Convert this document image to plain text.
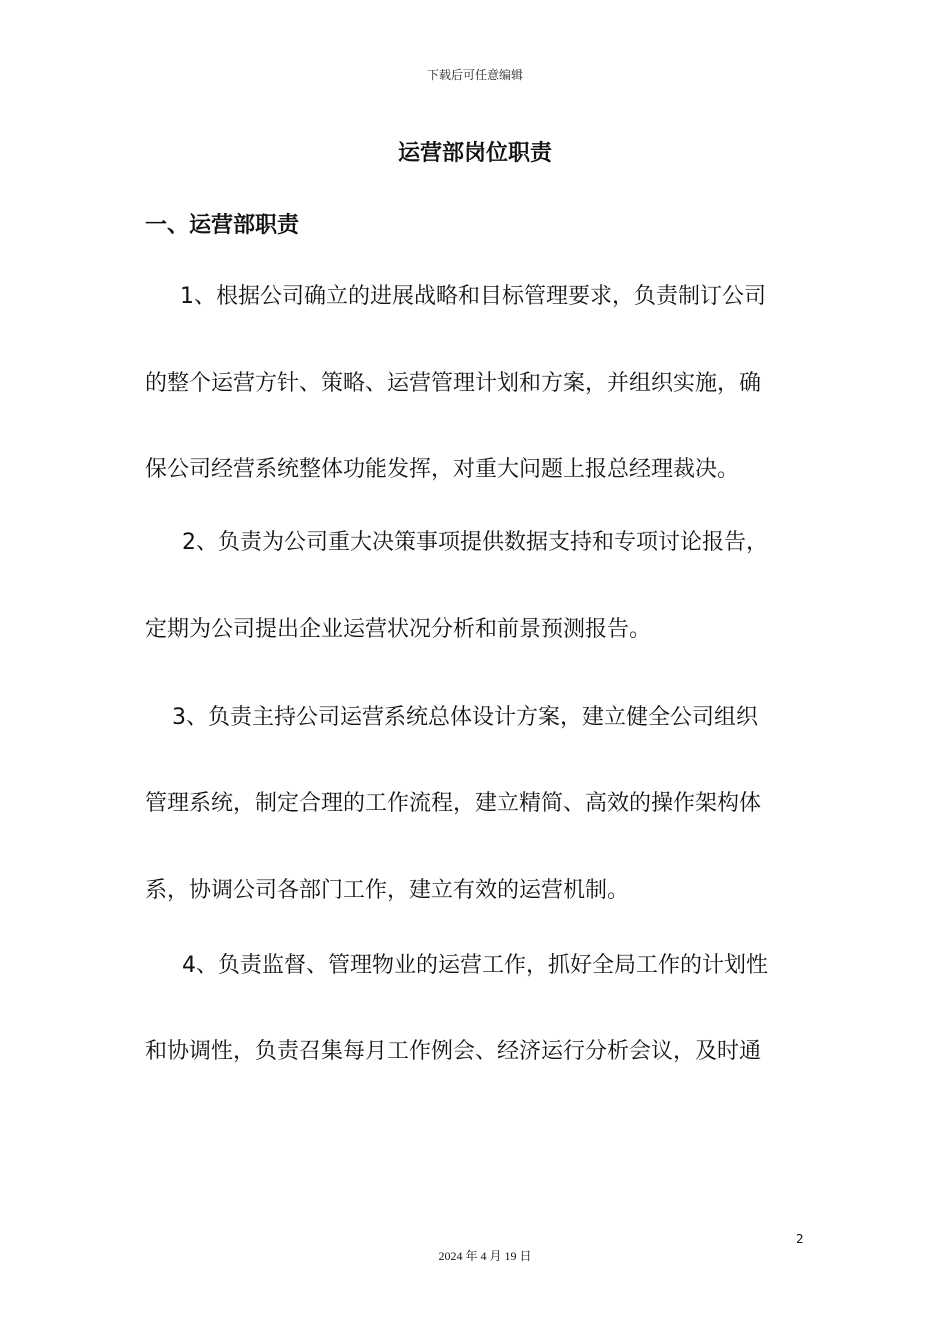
下载后可任意编辑
运营部岗位职责
一、运营部职责
1、根据公司确立的进展战略和目标管理要求，负责制订公司
的整个运营方针、策略、运营管理计划和方案，并组织实施，确
保公司经营系统整体功能发挥，对重大问题上报总经理裁决。
2、负责为公司重大决策事项提供数据支持和专项讨论报告，
定期为公司提出企业运营状况分析和前景预测报告。
3、负责主持公司运营系统总体设计方案，建立健全公司组织
管理系统，制定合理的工作流程，建立精简、高效的操作架构体
系，协调公司各部门工作，建立有效的运营机制。
4、负责监督、管理物业的运营工作，抓好全局工作的计划性
和协调性，负责召集每月工作例会、经济运行分析会议，及时通
2
2024 年 4 月 19 日
